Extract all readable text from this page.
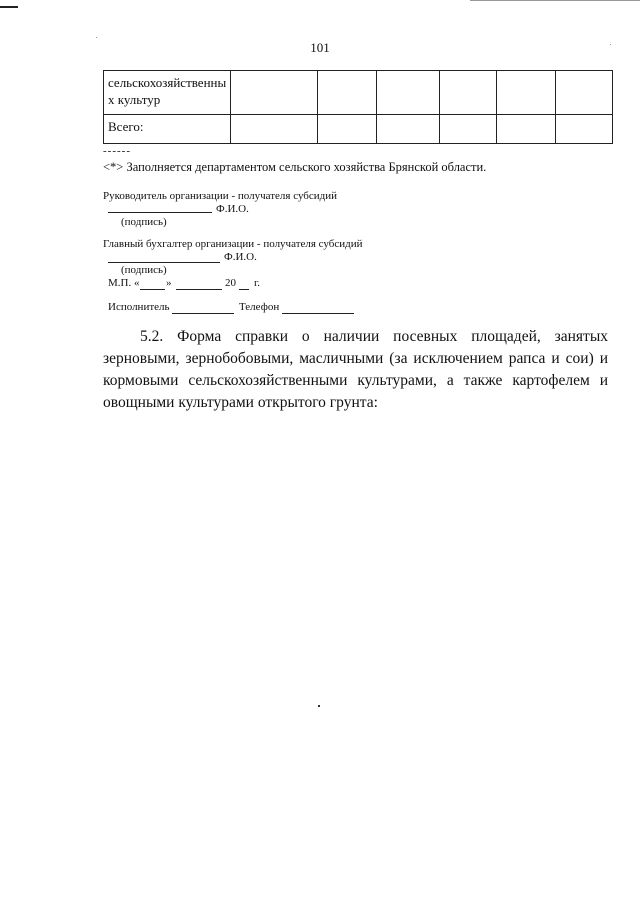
101
сельскохозяйственны х культур						
Всего:						
------
<*> Заполняется департаментом сельского хозяйства Брянской области.
Руководитель организации - получателя субсидий
Ф.И.О.
(подпись)
Главный бухгалтер организации - получателя субсидий
Ф.И.О.
(подпись)
М.П. « »	20 г.
Исполнитель	Телефон
5.2. Форма справки о наличии посевных площадей, занятых зерновыми, зернобобовыми, масличными (за исключением рапса и сои) и кормовыми сельскохозяйственными культурами, а также картофелем и овощными культурами открытого грунта:
